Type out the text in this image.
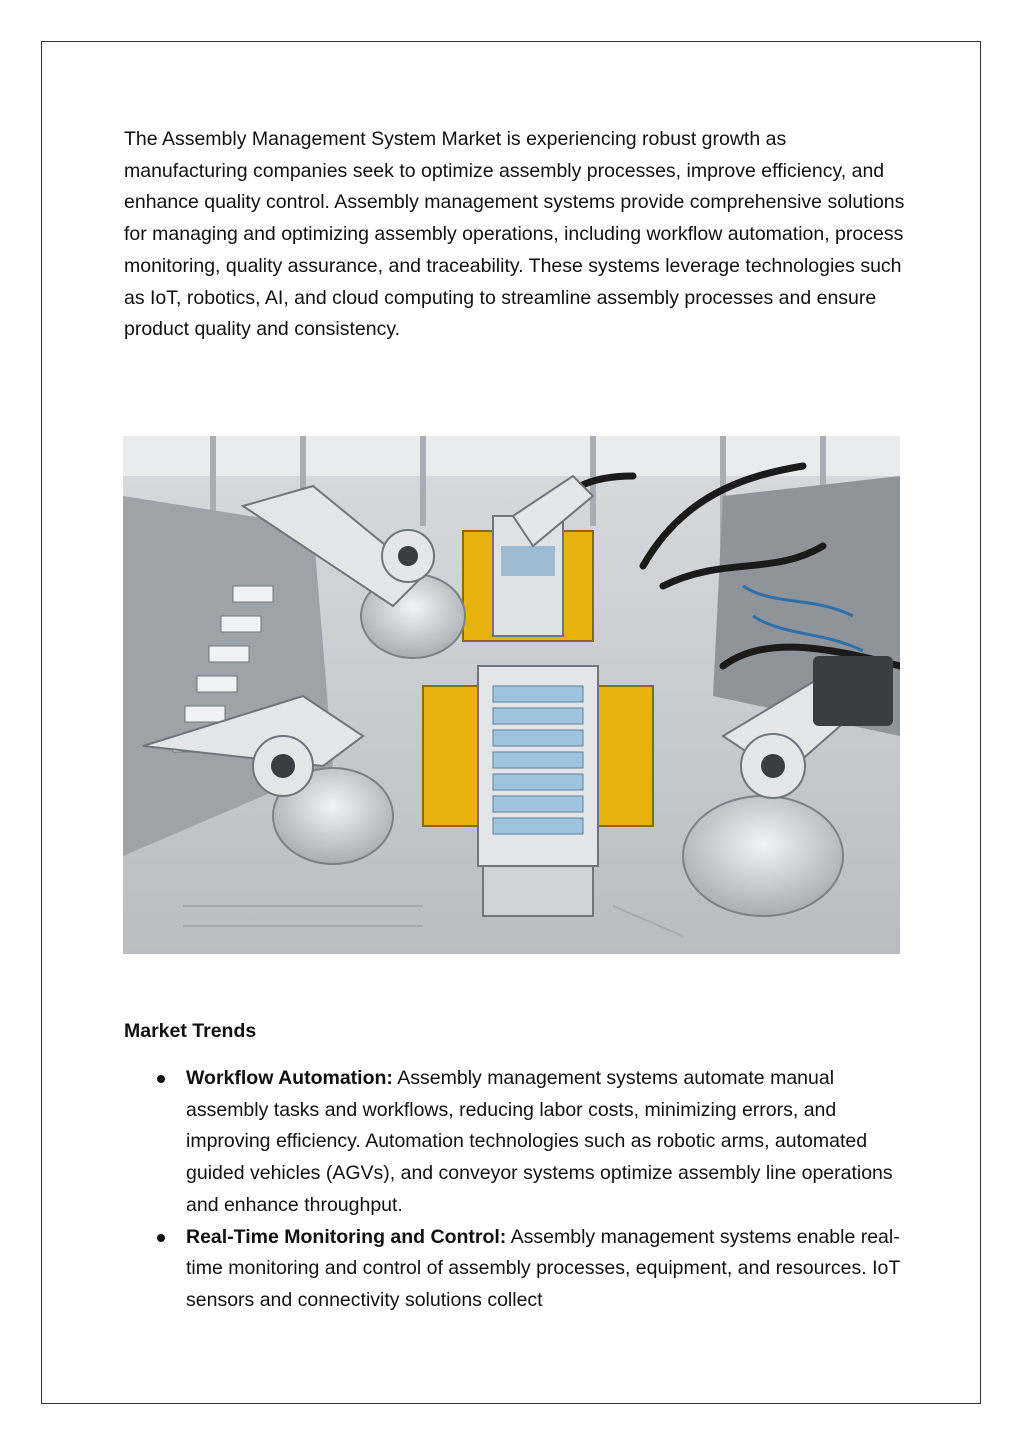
The Assembly Management System Market is experiencing robust growth as manufacturing companies seek to optimize assembly processes, improve efficiency, and enhance quality control. Assembly management systems provide comprehensive solutions for managing and optimizing assembly operations, including workflow automation, process monitoring, quality assurance, and traceability. These systems leverage technologies such as IoT, robotics, AI, and cloud computing to streamline assembly processes and ensure product quality and consistency.

Market Trends
Workflow Automation: Assembly management systems automate manual assembly tasks and workflows, reducing labor costs, minimizing errors, and improving efficiency. Automation technologies such as robotic arms, automated guided vehicles (AGVs), and conveyor systems optimize assembly line operations and enhance throughput.
Real-Time Monitoring and Control: Assembly management systems enable real-time monitoring and control of assembly processes, equipment, and resources. IoT sensors and connectivity solutions collect
